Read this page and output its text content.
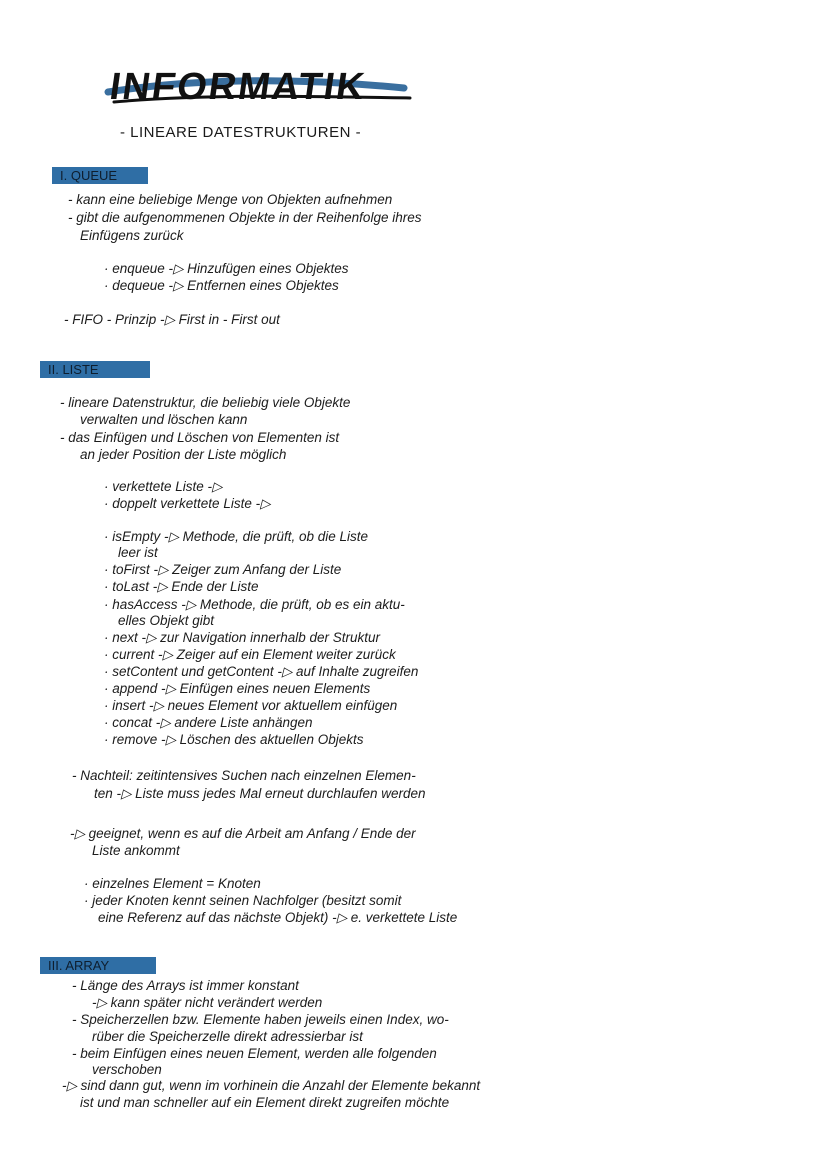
INFORMATIK
- LINEARE DATESTRUKTUREN -
I. QUEUE
- kann eine beliebige Menge von Objekten aufnehmen
- gibt die aufgenommenen Objekte in der Reihenfolge ihres
Einfügens zurück
· enqueue -▷ Hinzufügen eines Objektes
· dequeue -▷ Entfernen eines Objektes
- FIFO - Prinzip -▷ First in - First out
II. LISTE
- lineare Datenstruktur, die beliebig viele Objekte
verwalten und löschen kann
- das Einfügen und Löschen von Elementen ist
an jeder Position der Liste möglich
· verkettete Liste -▷
· doppelt verkettete Liste -▷
· isEmpty -▷ Methode, die prüft, ob die Liste
leer ist
· toFirst -▷ Zeiger zum Anfang der Liste
· toLast -▷ Ende der Liste
· hasAccess -▷ Methode, die prüft, ob es ein aktu-
elles Objekt gibt
· next -▷ zur Navigation innerhalb der Struktur
· current -▷ Zeiger auf ein Element weiter zurück
· setContent und getContent -▷ auf Inhalte zugreifen
· append -▷ Einfügen eines neuen Elements
· insert -▷ neues Element vor aktuellem einfügen
· concat -▷ andere Liste anhängen
· remove -▷ Löschen des aktuellen Objekts
- Nachteil: zeitintensives Suchen nach einzelnen Elemen-
ten -▷ Liste muss jedes Mal erneut durchlaufen werden
-▷ geeignet, wenn es auf die Arbeit am Anfang / Ende der
Liste ankommt
· einzelnes Element = Knoten
· jeder Knoten kennt seinen Nachfolger (besitzt somit
eine Referenz auf das nächste Objekt) -▷ e. verkettete Liste
III. ARRAY
- Länge des Arrays ist immer konstant
-▷ kann später nicht verändert werden
- Speicherzellen bzw. Elemente haben jeweils einen Index, wo-
rüber die Speicherzelle direkt adressierbar ist
- beim Einfügen eines neuen Element, werden alle folgenden
verschoben
-▷ sind dann gut, wenn im vorhinein die Anzahl der Elemente bekannt
ist und man schneller auf ein Element direkt zugreifen möchte
